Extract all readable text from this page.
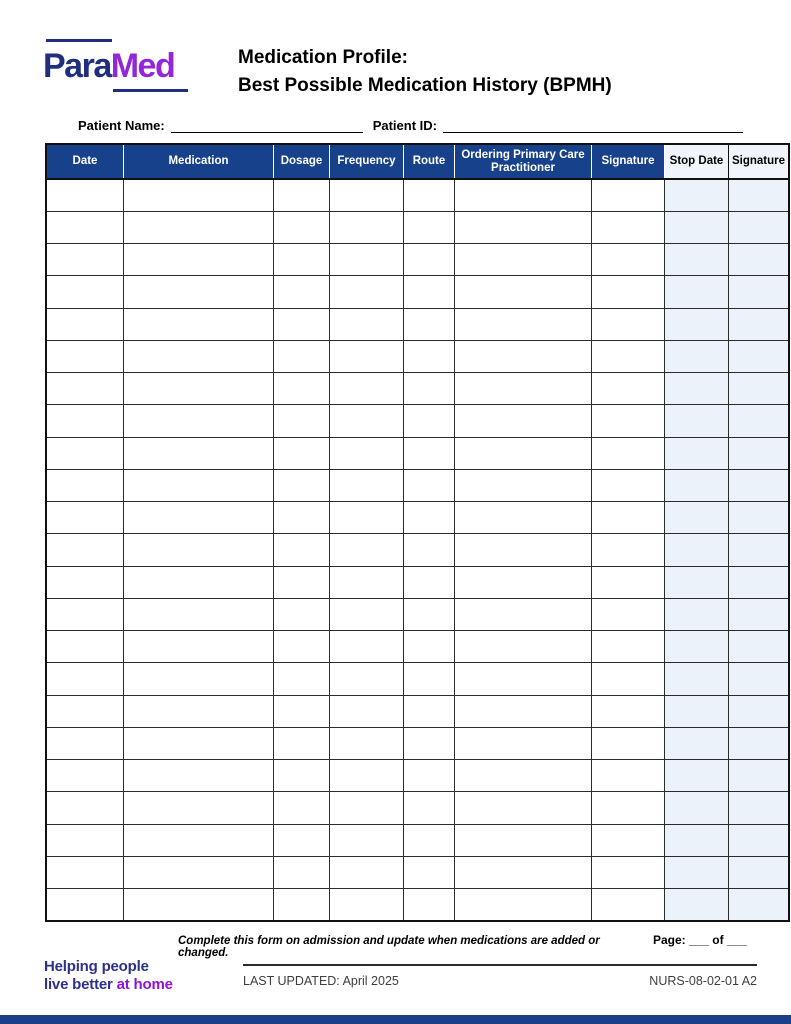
ParaMed	Medication Profile:
Best Possible Medication History (BPMH)
Patient Name:	Patient ID:
Date	Medication	Dosage	Frequency	Route	Ordering Primary Care Practitioner	Signature	Stop Date	Signature

Complete this form on admission and update when medications are added or changed.
Page: ___ of ___
Helping people
live better at home	LAST UPDATED: April 2025	NURS-08-02-01 A2
